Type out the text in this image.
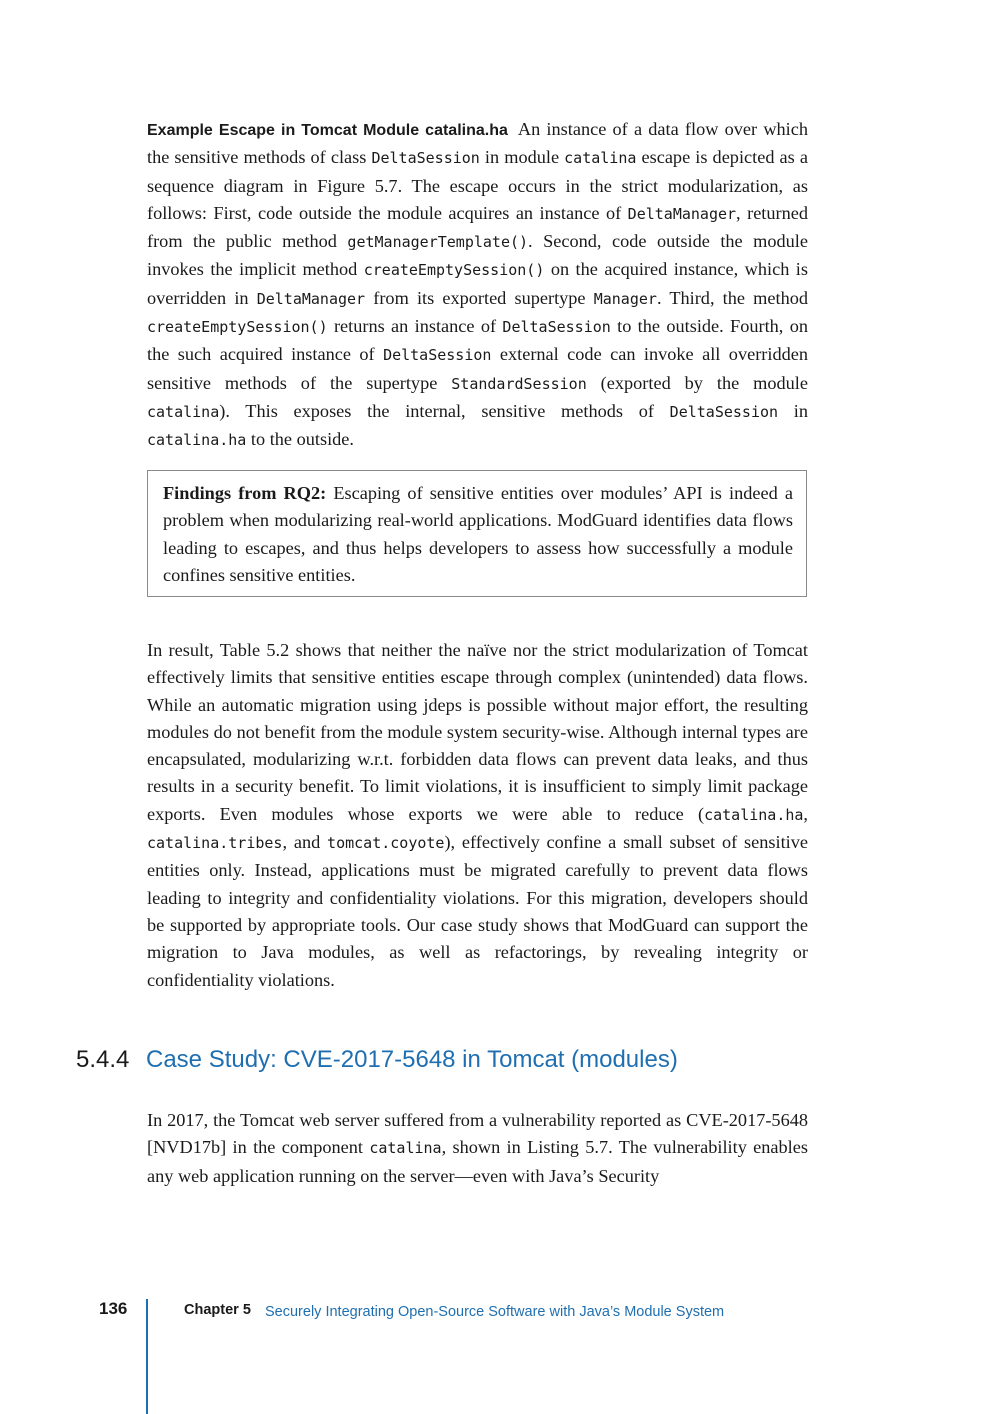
Example Escape in Tomcat Module catalina.ha An instance of a data flow over which the sensitive methods of class DeltaSession in module catalina escape is depicted as a sequence diagram in Figure 5.7. The escape occurs in the strict modularization, as follows: First, code outside the module acquires an instance of DeltaManager, returned from the public method getManagerTemplate(). Second, code outside the module invokes the implicit method createEmptySession() on the acquired instance, which is overridden in DeltaManager from its exported supertype Manager. Third, the method createEmptySession() returns an instance of DeltaSession to the outside. Fourth, on the such acquired instance of DeltaSession external code can invoke all overridden sensitive methods of the supertype StandardSession (exported by the module catalina). This exposes the internal, sensitive methods of DeltaSession in catalina.ha to the outside.

Findings from RQ2: Escaping of sensitive entities over modules’ API is indeed a problem when modularizing real-world applications. ModGuard identifies data flows leading to escapes, and thus helps developers to assess how successfully a module confines sensitive entities.

In result, Table 5.2 shows that neither the naïve nor the strict modularization of Tomcat effectively limits that sensitive entities escape through complex (unintended) data flows. While an automatic migration using jdeps is possible without major effort, the resulting modules do not benefit from the module system security-wise. Although internal types are encapsulated, modularizing w.r.t. forbidden data flows can prevent data leaks, and thus results in a security benefit. To limit violations, it is insufficient to simply limit package exports. Even modules whose exports we were able to reduce (catalina.ha, catalina.tribes, and tomcat.coyote), effectively confine a small subset of sensitive entities only. Instead, applications must be migrated carefully to prevent data flows leading to integrity and confidentiality violations. For this migration, developers should be supported by appropriate tools. Our case study shows that ModGuard can support the migration to Java modules, as well as refactorings, by revealing integrity or confidentiality violations.

5.4.4 Case Study: CVE-2017-5648 in Tomcat (modules)

In 2017, the Tomcat web server suffered from a vulnerability reported as CVE-2017-5648 [NVD17b] in the component catalina, shown in Listing 5.7. The vulnerability enables any web application running on the server—even with Java’s Security

136	Chapter 5 Securely Integrating Open-Source Software with Java’s Module System
